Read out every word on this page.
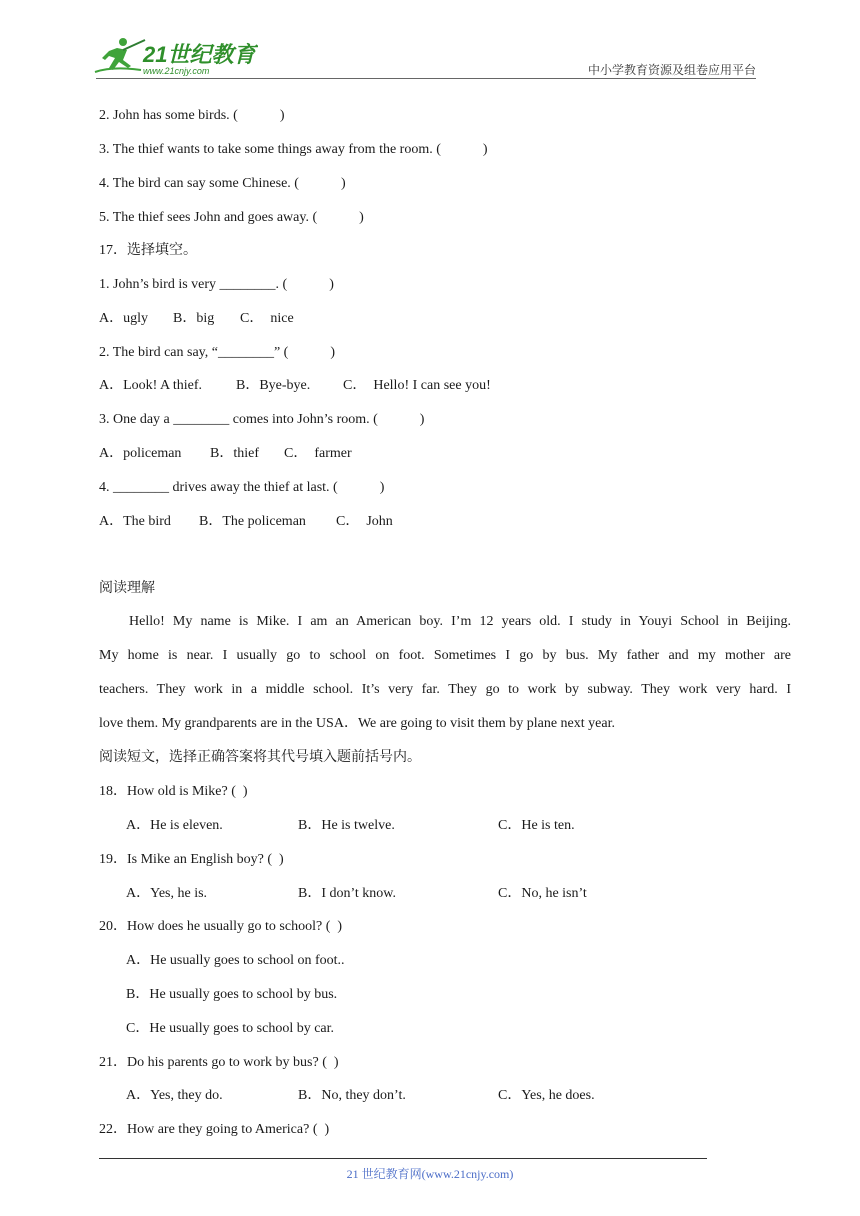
21世纪教育
www.21cnjy.com	中小学教育资源及组卷应用平台
2. John has some birds. (            )
3. The thief wants to take some things away from the room. (            )
4. The bird can say some Chinese. (            )
5. The thief sees John and goes away. (            )
17．选择填空。
1. John’s bird is very ________. (            )

A．ugly

B．big

C．  nice

2. The bird can say, “________” (            )

A．Look! A thief.

B．Bye-bye.

C．  Hello! I can see you!

3. One day a ________ comes into John’s room. (            )

A．policeman

B．thief

C．  farmer

4. ________ drives away the thief at last. (            )

A．The bird

B．The policeman

C．  John

阅读理解
Hello! My name is Mike. I am an American boy. I’m 12 years old. I study in Youyi School in Beijing.
My home is near. I usually go to school on foot. Sometimes I go by bus. My father and my mother are
teachers. They work in a middle school. It’s very far. They go to work by subway. They work very hard. I
love them. My grandparents are in the USA．We are going to visit them by plane next year.
阅读短文，选择正确答案将其代号填入题前括号内。
18．How old is Mike? (  )

A．He is eleven.

	B．He is twelve.

	C．He is ten.

19．Is Mike an English boy? (  )

A．Yes, he is.

	B．I don’t know.

	C．No, he isn’t

20．How does he usually go to school? (  )
A．He usually goes to school on foot..
B．He usually goes to school by bus.
C．He usually goes to school by car.
21．Do his parents go to work by bus? (  )

A．Yes, they do.

	B．No, they don’t.

	C．Yes, he does.

22．How are they going to America? (  )
21 世纪教育网(www.21cnjy.com)
